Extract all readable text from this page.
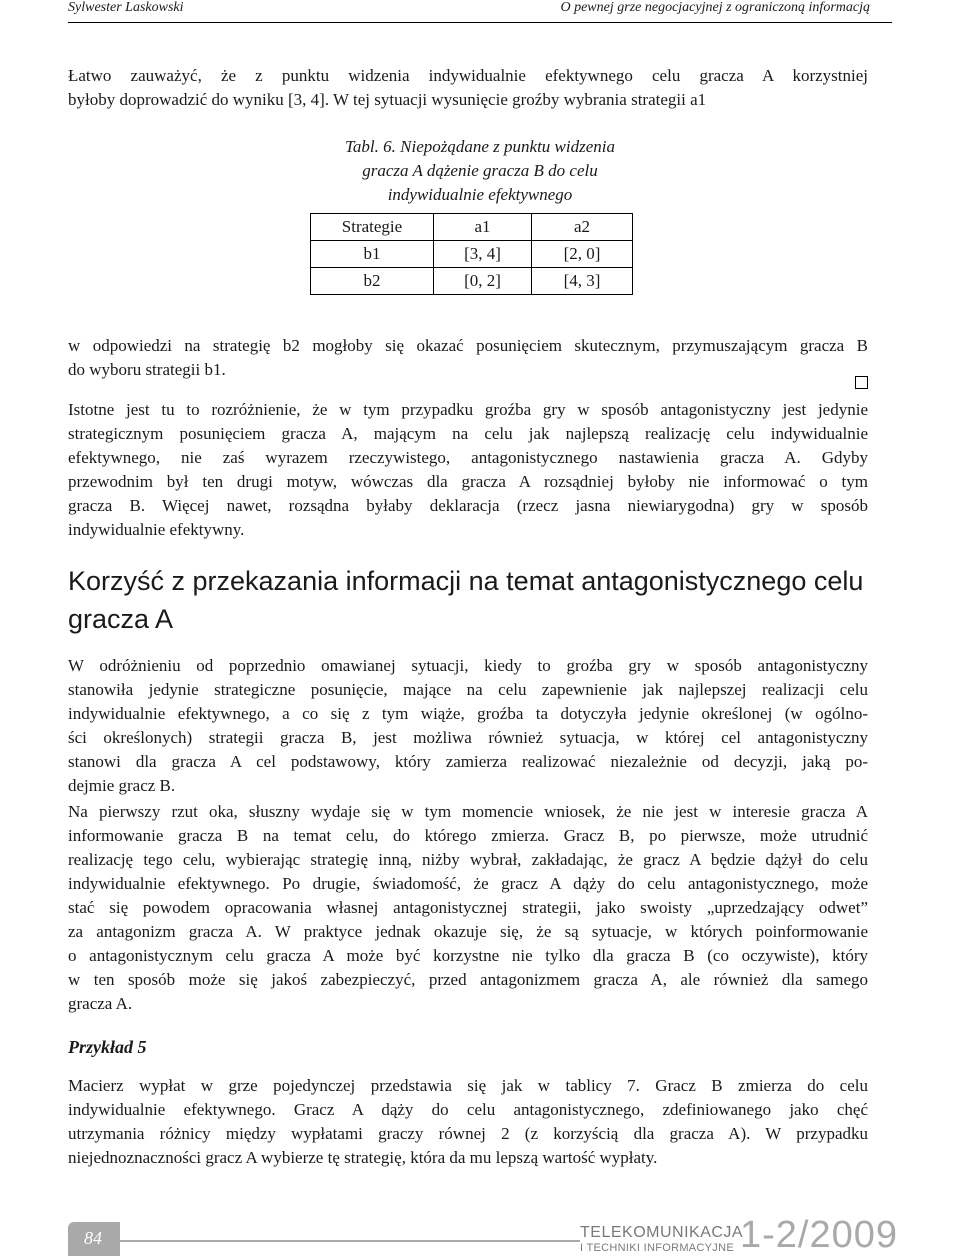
Sylwester Laskowski	O pewnej grze negocjacyjnej z ograniczoną informacją
Łatwo zauważyć, że z punktu widzenia indywidualnie efektywnego celu gracza A korzystniej
byłoby doprowadzić do wyniku [3, 4]. W tej sytuacji wysunięcie groźby wybrania strategii a1
Tabl. 6. Niepożądane z punktu widzenia
gracza A dążenie gracza B do celu
indywidualnie efektywnego
Strategie	a1	a2
b1	[3, 4]	[2, 0]
b2	[0, 2]	[4, 3]
w odpowiedzi na strategię b2 mogłoby się okazać posunięciem skutecznym, przymuszającym gracza B
do wyboru strategii b1.
Istotne jest tu to rozróżnienie, że w tym przypadku groźba gry w sposób antagonistyczny jest jedynie
strategicznym posunięciem gracza A, mającym na celu jak najlepszą realizację celu indywidualnie
efektywnego, nie zaś wyrazem rzeczywistego, antagonistycznego nastawienia gracza A. Gdyby
przewodnim był ten drugi motyw, wówczas dla gracza A rozsądniej byłoby nie informować o tym
gracza B. Więcej nawet, rozsądna byłaby deklaracja (rzecz jasna niewiarygodna) gry w sposób
indywidualnie efektywny.
Korzyść z przekazania informacji na temat antagonistycznego celu
gracza A
W odróżnieniu od poprzednio omawianej sytuacji, kiedy to groźba gry w sposób antagonistyczny
stanowiła jedynie strategiczne posunięcie, mające na celu zapewnienie jak najlepszej realizacji celu
indywidualnie efektywnego, a co się z tym wiąże, groźba ta dotyczyła jedynie określonej (w ogólno-
ści określonych) strategii gracza B, jest możliwa również sytuacja, w której cel antagonistyczny
stanowi dla gracza A cel podstawowy, który zamierza realizować niezależnie od decyzji, jaką po-
dejmie gracz B.
Na pierwszy rzut oka, słuszny wydaje się w tym momencie wniosek, że nie jest w interesie gracza A
informowanie gracza B na temat celu, do którego zmierza. Gracz B, po pierwsze, może utrudnić
realizację tego celu, wybierając strategię inną, niżby wybrał, zakładając, że gracz A będzie dążył do celu
indywidualnie efektywnego. Po drugie, świadomość, że gracz A dąży do celu antagonistycznego, może
stać się powodem opracowania własnej antagonistycznej strategii, jako swoisty „uprzedzający odwet”
za antagonizm gracza A. W praktyce jednak okazuje się, że są sytuacje, w których poinformowanie
o antagonistycznym celu gracza A może być korzystne nie tylko dla gracza B (co oczywiste), który
w ten sposób może się jakoś zabezpieczyć, przed antagonizmem gracza A, ale również dla samego
gracza A.
Przykład 5
Macierz wypłat w grze pojedynczej przedstawia się jak w tablicy 7. Gracz B zmierza do celu
indywidualnie efektywnego. Gracz A dąży do celu antagonistycznego, zdefiniowanego jako chęć
utrzymania różnicy między wypłatami graczy równej 2 (z korzyścią dla gracza A). W przypadku
niejednoznaczności gracz A wybierze tę strategię, która da mu lepszą wartość wypłaty.
84	TELEKOMUNIKACJA
I TECHNIKI INFORMACYJNE 1-2/2009
